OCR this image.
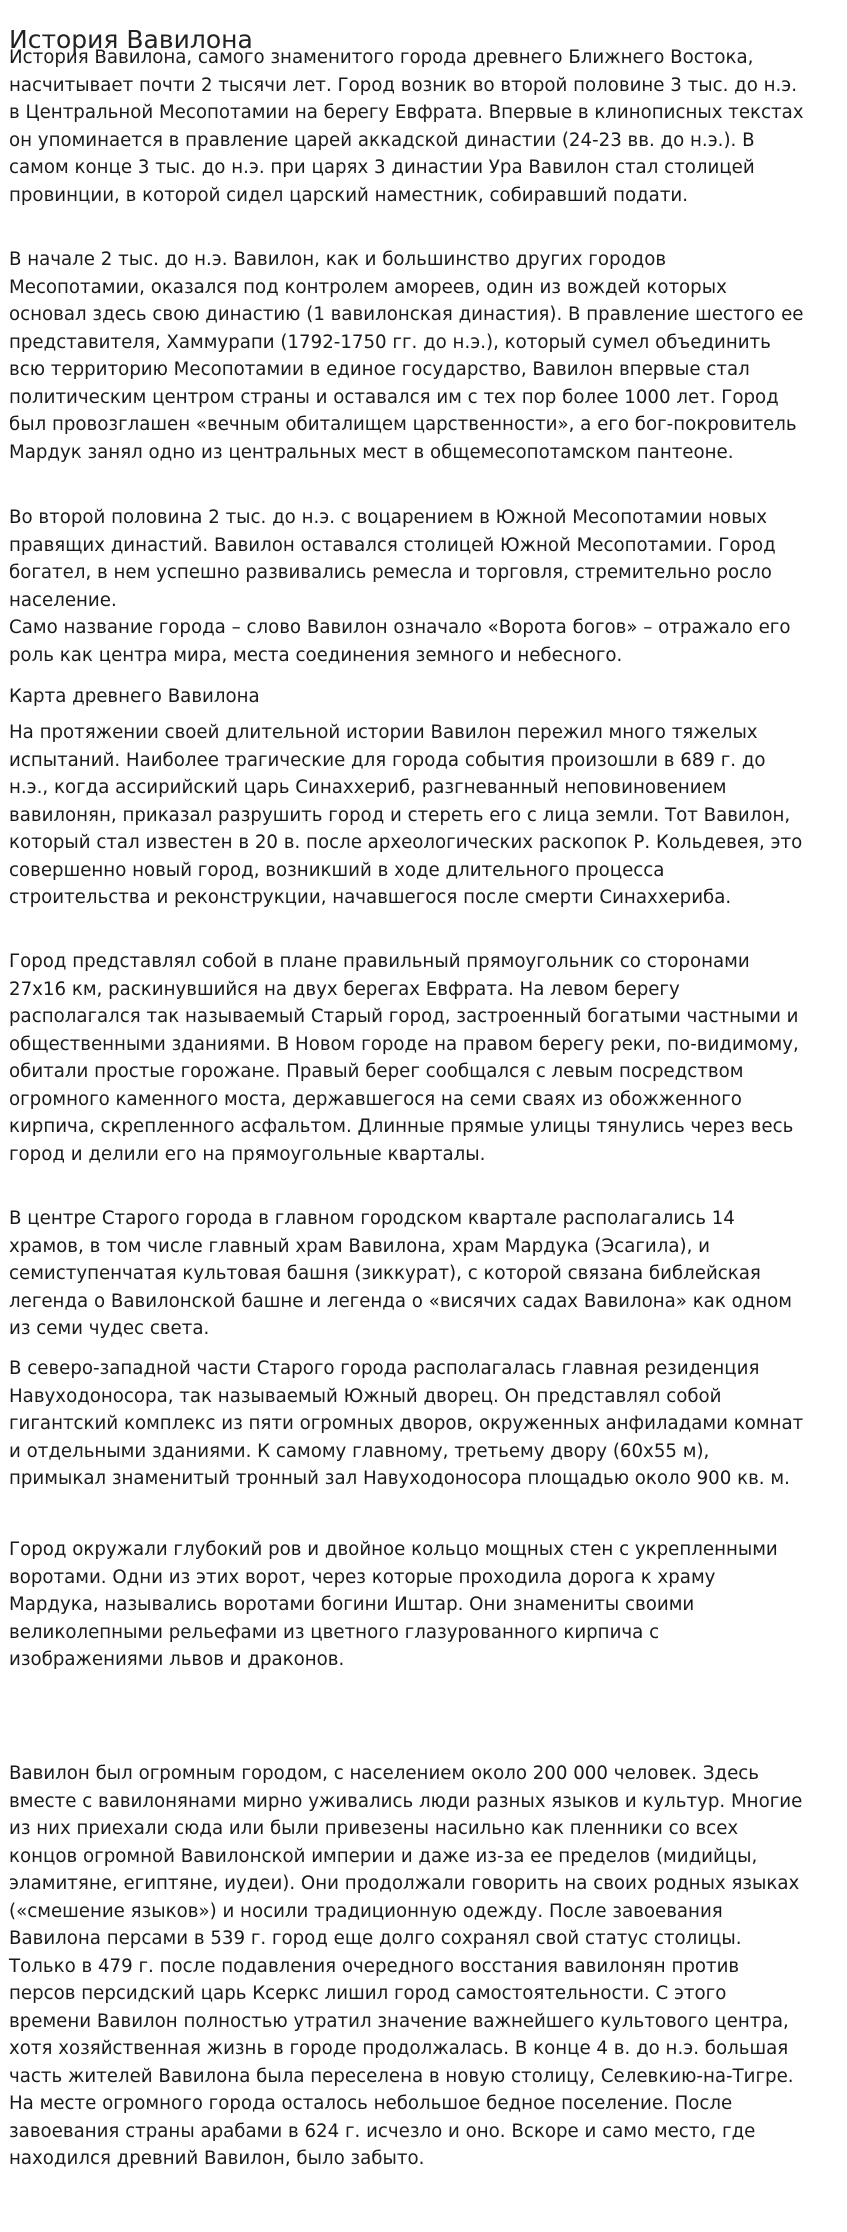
История Вавилона
История Вавилона, самого знаменитого города древнего Ближнего Востока,
насчитывает почти 2 тысячи лет. Город возник во второй половине 3 тыс. до н.э.
в Центральной Месопотамии на берегу Евфрата. Впервые в клинописных текстах
он упоминается в правление царей аккадской династии (24-23 вв. до н.э.). В
самом конце 3 тыс. до н.э. при царях 3 династии Ура Вавилон стал столицей
провинции, в которой сидел царский наместник, собиравший подати.
В начале 2 тыс. до н.э. Вавилон, как и большинство других городов
Месопотамии, оказался под контролем амореев, один из вождей которых
основал здесь свою династию (1 вавилонская династия). В правление шестого ее
представителя, Хаммурапи (1792-1750 гг. до н.э.), который сумел объединить
всю территорию Месопотамии в единое государство, Вавилон впервые стал
политическим центром страны и оставался им с тех пор более 1000 лет. Город
был провозглашен «вечным обиталищем царственности», а его бог-покровитель
Мардук занял одно из центральных мест в общемесопотамском пантеоне.
Во второй половина 2 тыс. до н.э. с воцарением в Южной Месопотамии новых
правящих династий. Вавилон оставался столицей Южной Месопотамии. Город
богател, в нем успешно развивались ремесла и торговля, стремительно росло
население.
Само название города – слово Вавилон означало «Ворота богов» – отражало его
роль как центра мира, места соединения земного и небесного.
Карта древнего Вавилона
На протяжении своей длительной истории Вавилон пережил много тяжелых
испытаний. Наиболее трагические для города события произошли в 689 г. до
н.э., когда ассирийский царь Синаххериб, разгневанный неповиновением
вавилонян, приказал разрушить город и стереть его с лица земли. Тот Вавилон,
который стал известен в 20 в. после археологических раскопок Р. Кольдевея, это
совершенно новый город, возникший в ходе длительного процесса
строительства и реконструкции, начавшегося после смерти Синаххериба.
Город представлял собой в плане правильный прямоугольник со сторонами
27х16 км, раскинувшийся на двух берегах Евфрата. На левом берегу
располагался так называемый Старый город, застроенный богатыми частными и
общественными зданиями. В Новом городе на правом берегу реки, по-видимому,
обитали простые горожане. Правый берег сообщался с левым посредством
огромного каменного моста, державшегося на семи сваях из обожженного
кирпича, скрепленного асфальтом. Длинные прямые улицы тянулись через весь
город и делили его на прямоугольные кварталы.
В центре Старого города в главном городском квартале располагались 14
храмов, в том числе главный храм Вавилона, храм Мардука (Эсагила), и
семиступенчатая культовая башня (зиккурат), с которой связана библейская
легенда о Вавилонской башне и легенда о «висячих садах Вавилона» как одном
из семи чудес света.
В северо-западной части Старого города располагалась главная резиденция
Навуходоносора, так называемый Южный дворец. Он представлял собой
гигантский комплекс из пяти огромных дворов, окруженных анфиладами комнат
и отдельными зданиями. К самому главному, третьему двору (60х55 м),
примыкал знаменитый тронный зал Навуходоносора площадью около 900 кв. м.
Город окружали глубокий ров и двойное кольцо мощных стен с укрепленными
воротами. Одни из этих ворот, через которые проходила дорога к храму
Мардука, назывались воротами богини Иштар. Они знамениты своими
великолепными рельефами из цветного глазурованного кирпича с
изображениями львов и драконов.
Вавилон был огромным городом, с населением около 200 000 человек. Здесь
вместе с вавилонянами мирно уживались люди разных языков и культур. Многие
из них приехали сюда или были привезены насильно как пленники со всех
концов огромной Вавилонской империи и даже из-за ее пределов (мидийцы,
эламитяне, египтяне, иудеи). Они продолжали говорить на своих родных языках
(«смешение языков») и носили традиционную одежду. После завоевания
Вавилона персами в 539 г. город еще долго сохранял свой статус столицы.
Только в 479 г. после подавления очередного восстания вавилонян против
персов персидский царь Ксеркс лишил город самостоятельности. С этого
времени Вавилон полностью утратил значение важнейшего культового центра,
хотя хозяйственная жизнь в городе продолжалась. В конце 4 в. до н.э. большая
часть жителей Вавилона была переселена в новую столицу, Селевкию-на-Тигре.
На месте огромного города осталось небольшое бедное поселение. После
завоевания страны арабами в 624 г. исчезло и оно. Вскоре и само место, где
находился древний Вавилон, было забыто.
